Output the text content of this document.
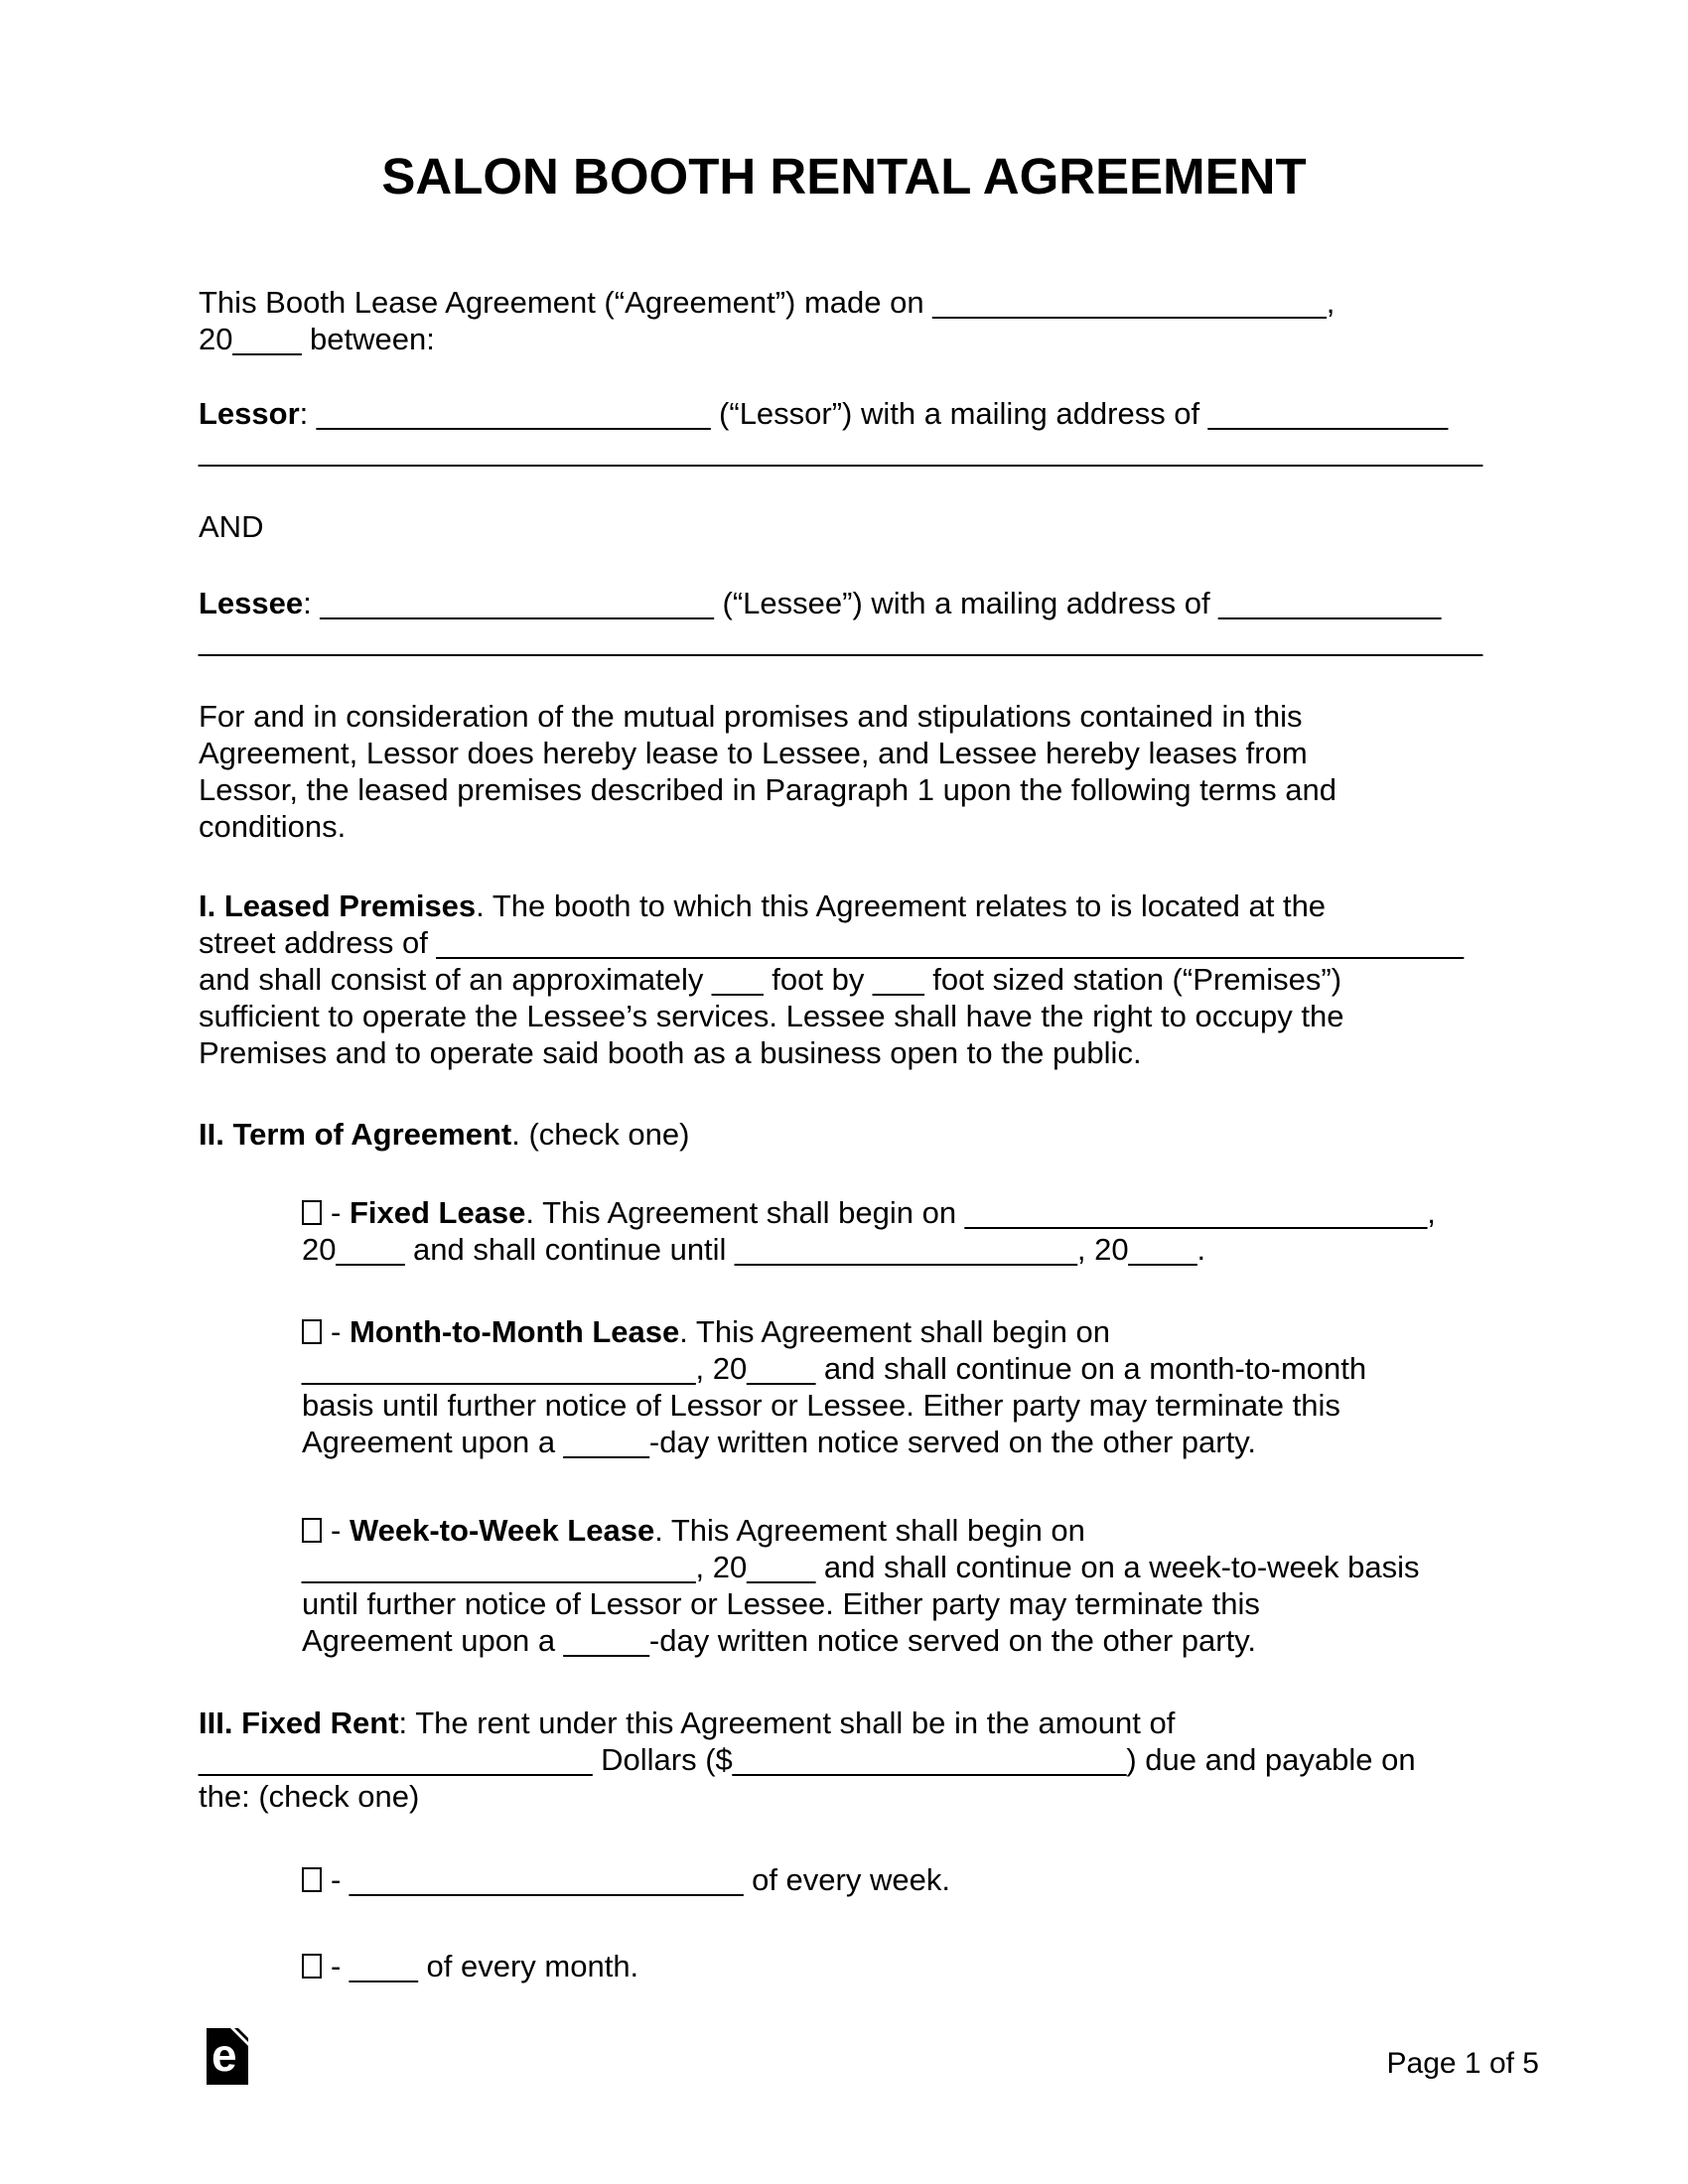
SALON BOOTH RENTAL AGREEMENT

This Booth Lease Agreement (“Agreement”) made on _______________________,
20____ between:

Lessor: _______________________ (“Lessor”) with a mailing address of ______________
___________________________________________________________________________

AND

Lessee: _______________________ (“Lessee”) with a mailing address of _____________
___________________________________________________________________________

For and in consideration of the mutual promises and stipulations contained in this
Agreement, Lessor does hereby lease to Lessee, and Lessee hereby leases from
Lessor, the leased premises described in Paragraph 1 upon the following terms and
conditions.

I. Leased Premises. The booth to which this Agreement relates to is located at the
street address of ____________________________________________________________
and shall consist of an approximately ___ foot by ___ foot sized station (“Premises”)
sufficient to operate the Lessee’s services. Lessee shall have the right to occupy the
Premises and to operate said booth as a business open to the public.

II. Term of Agreement. (check one)

- Fixed Lease. This Agreement shall begin on ___________________________,
20____ and shall continue until ____________________, 20____.
- Month-to-Month Lease. This Agreement shall begin on
_______________________, 20____ and shall continue on a month-to-month
basis until further notice of Lessor or Lessee. Either party may terminate this
Agreement upon a _____-day written notice served on the other party.
- Week-to-Week Lease. This Agreement shall begin on
_______________________, 20____ and shall continue on a week-to-week basis
until further notice of Lessor or Lessee. Either party may terminate this
Agreement upon a _____-day written notice served on the other party.

III. Fixed Rent: The rent under this Agreement shall be in the amount of
_______________________ Dollars ($_______________________) due and payable on
the: (check one)

- _______________________ of every week.
- ____ of every month.
e	Page 1 of 5
